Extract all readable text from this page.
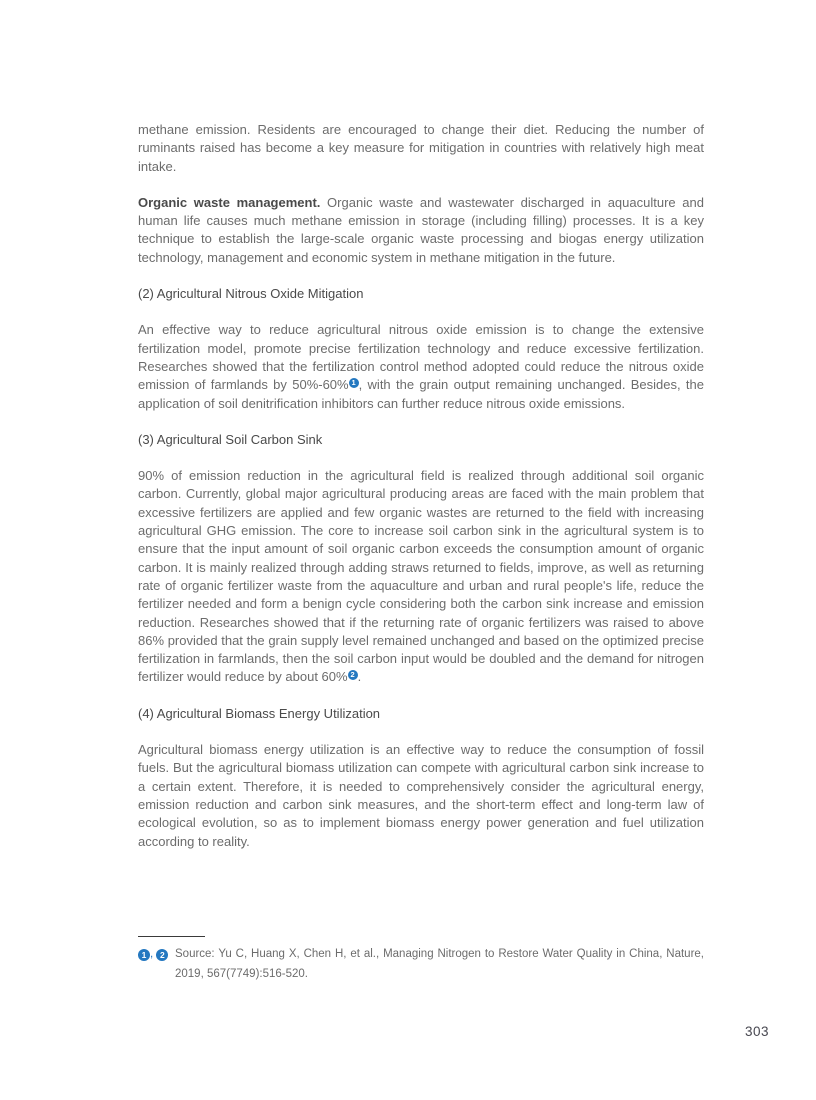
methane emission. Residents are encouraged to change their diet. Reducing the number of ruminants raised has become a key measure for mitigation in countries with relatively high meat intake.

Organic waste management. Organic waste and wastewater discharged in aquaculture and human life causes much methane emission in storage (including filling) processes. It is a key technique to establish the large-scale organic waste processing and biogas energy utilization technology, management and economic system in methane mitigation in the future.

(2) Agricultural Nitrous Oxide Mitigation

An effective way to reduce agricultural nitrous oxide emission is to change the extensive fertilization model, promote precise fertilization technology and reduce excessive fertilization. Researches showed that the fertilization control method adopted could reduce the nitrous oxide emission of farmlands by 50%-60% 1 , with the grain output remaining unchanged. Besides, the application of soil denitrification inhibitors can further reduce nitrous oxide emissions.

(3) Agricultural Soil Carbon Sink

90% of emission reduction in the agricultural field is realized through additional soil organic carbon. Currently, global major agricultural producing areas are faced with the main problem that excessive fertilizers are applied and few organic wastes are returned to the field with increasing agricultural GHG emission. The core to increase soil carbon sink in the agricultural system is to ensure that the input amount of soil organic carbon exceeds the consumption amount of organic carbon. It is mainly realized through adding straws returned to fields, improve, as well as returning rate of organic fertilizer waste from the aquaculture and urban and rural people's life, reduce the fertilizer needed and form a benign cycle considering both the carbon sink increase and emission reduction. Researches showed that if the returning rate of organic fertilizers was raised to above 86% provided that the grain supply level remained unchanged and based on the optimized precise fertilization in farmlands, then the soil carbon input would be doubled and the demand for nitrogen fertilizer would reduce by about 60% 2 .

(4) Agricultural Biomass Energy Utilization

Agricultural biomass energy utilization is an effective way to reduce the consumption of fossil fuels. But the agricultural biomass utilization can compete with agricultural carbon sink increase to a certain extent. Therefore, it is needed to comprehensively consider the agricultural energy, emission reduction and carbon sink measures, and the short-term effect and long-term law of ecological evolution, so as to implement biomass energy power generation and fuel utilization according to reality.

1 , 2 Source: Yu C, Huang X, Chen H, et al., Managing Nitrogen to Restore Water Quality in China, Nature, 2019, 567(7749):516-520.
303
